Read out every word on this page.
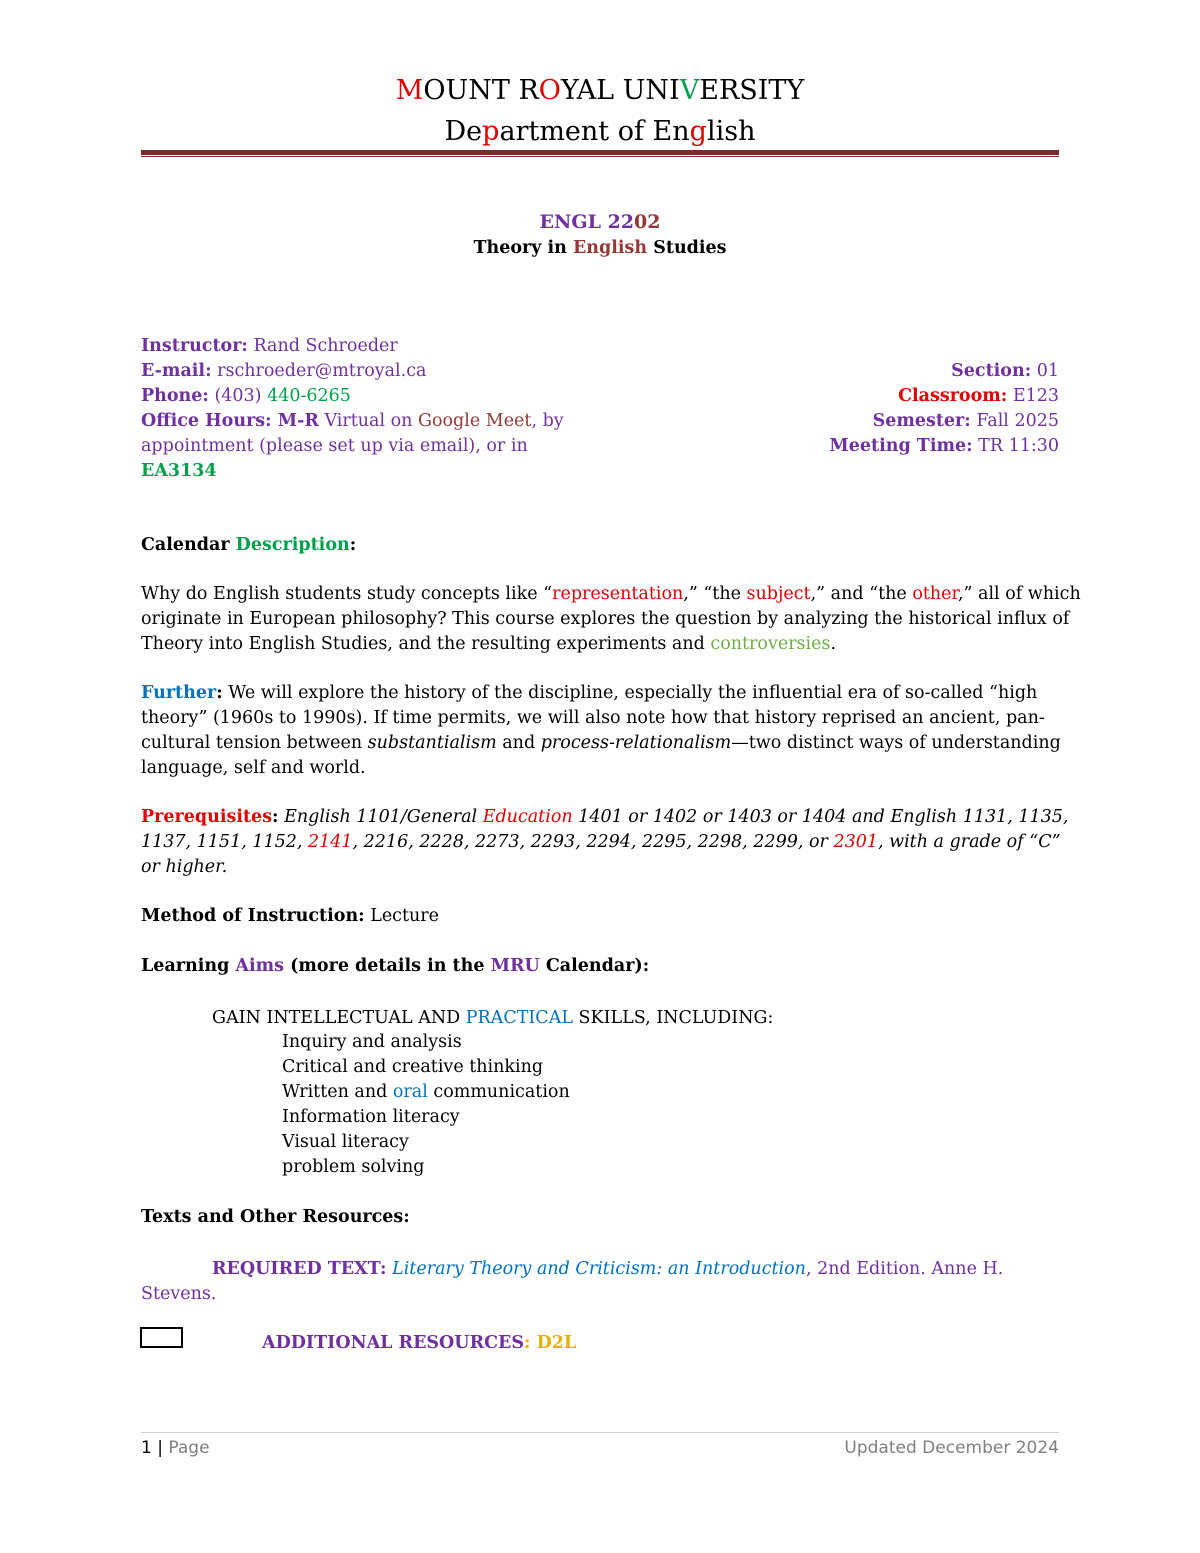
MOUNT ROYAL UNIVERSITY
Department of English
ENGL 2202
Theory in English Studies
Instructor: Rand Schroeder
E-mail: rschroeder@mtroyal.ca
Phone: (403) 440-6265
Office Hours: M-R Virtual on Google Meet, by
appointment (please set up via email), or in
EA3134
Section: 01
Classroom: E123
Semester: Fall 2025
Meeting Time: TR 11:30
Calendar Description:
Why do English students study concepts like “representation,” “the subject,” and “the other,” all of which
originate in European philosophy? This course explores the question by analyzing the historical influx of
Theory into English Studies, and the resulting experiments and controversies.
Further: We will explore the history of the discipline, especially the influential era of so-called “high
theory” (1960s to 1990s). If time permits, we will also note how that history reprised an ancient, pan-
cultural tension between substantialism and process-relationalism—two distinct ways of understanding
language, self and world.
Prerequisites: English 1101/General Education 1401 or 1402 or 1403 or 1404 and English 1131, 1135,
1137, 1151, 1152, 2141, 2216, 2228, 2273, 2293, 2294, 2295, 2298, 2299, or 2301, with a grade of “C”
or higher.
Method of Instruction: Lecture
Learning Aims (more details in the MRU Calendar):
GAIN INTELLECTUAL AND PRACTICAL SKILLS, INCLUDING:
Inquiry and analysis
Critical and creative thinking
Written and oral communication
Information literacy
Visual literacy
problem solving
Texts and Other Resources:
REQUIRED TEXT: Literary Theory and Criticism: an Introduction, 2nd Edition. Anne H.
Stevens.
ADDITIONAL RESOURCES: D2L
1 | Page	Updated December 2024
